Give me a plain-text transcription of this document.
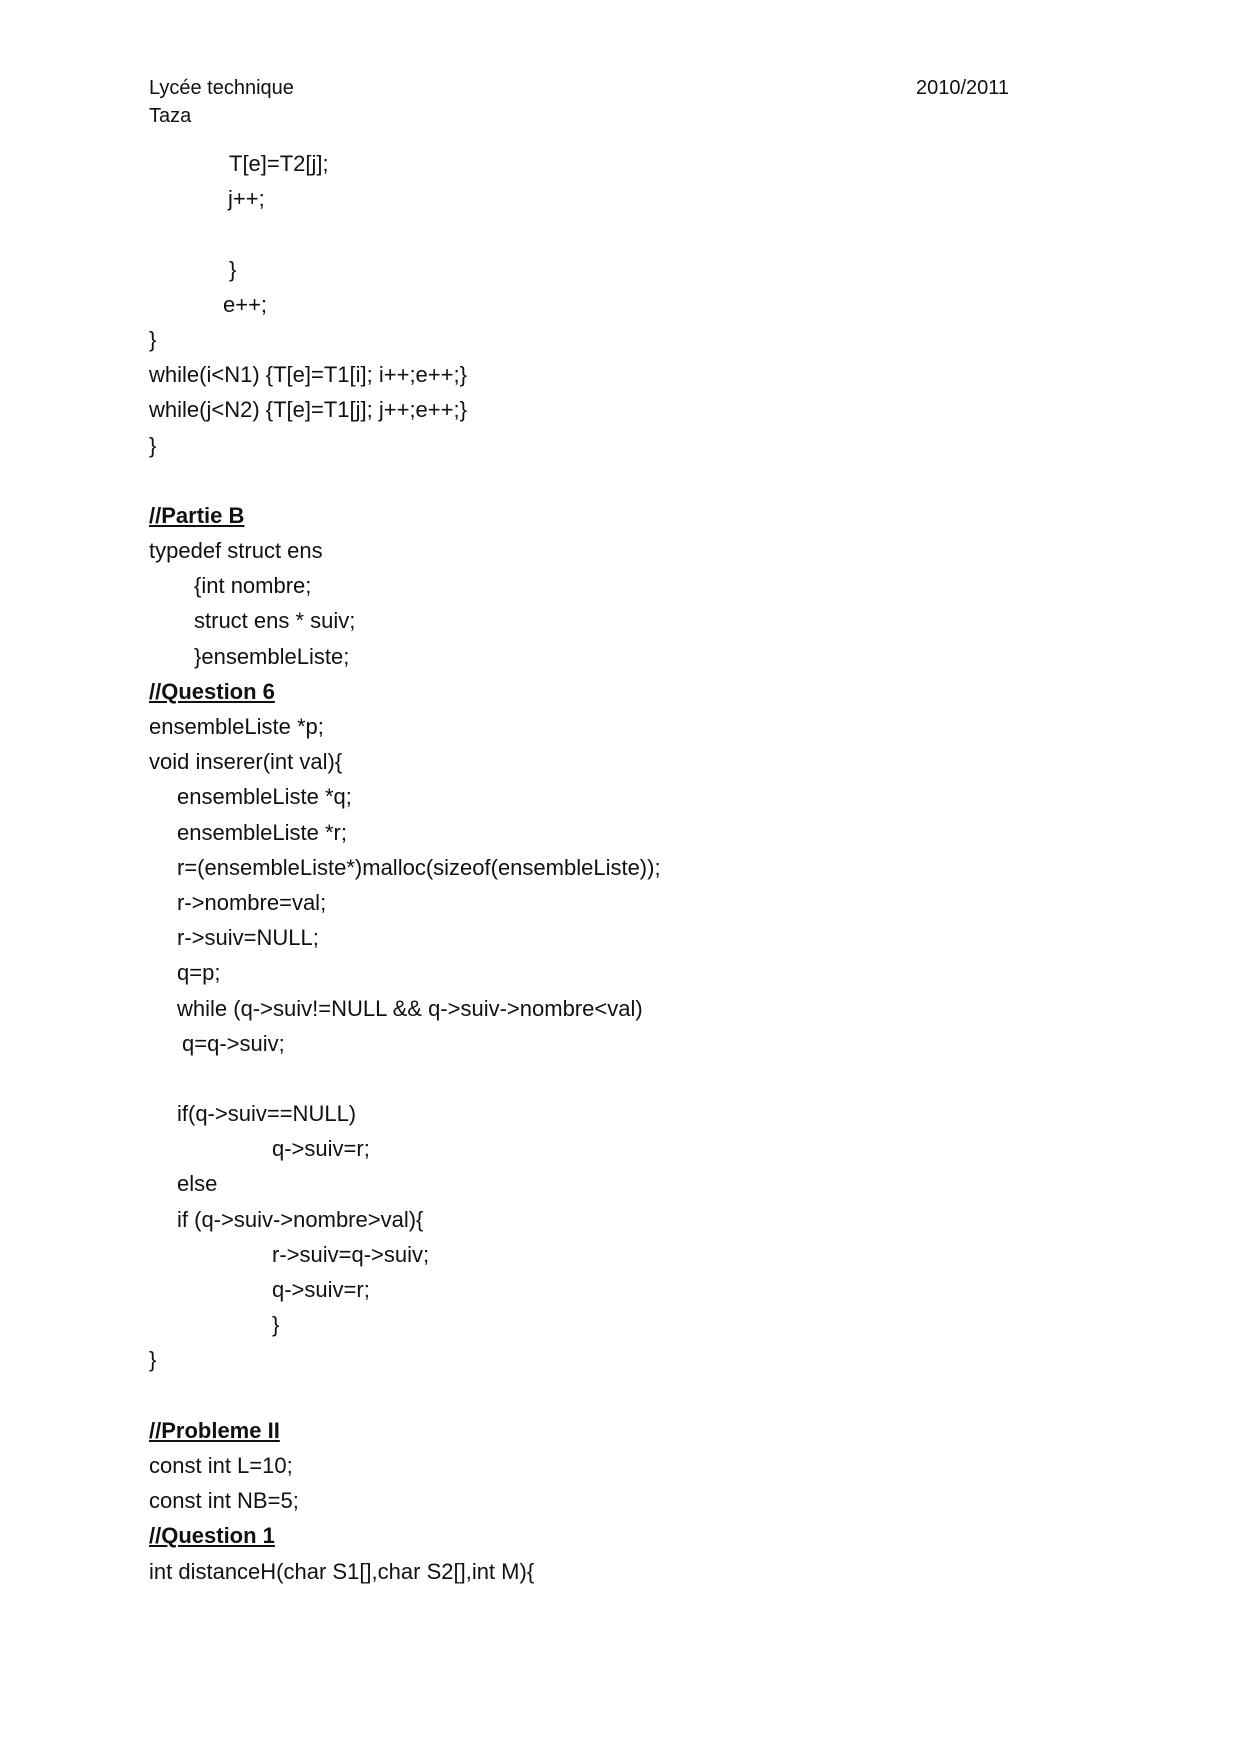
Lycée technique
Taza
2010/2011
T[e]=T2[j];
j++;
}
e++;
}
while(i<N1) {T[e]=T1[i]; i++;e++;}
while(j<N2) {T[e]=T1[j]; j++;e++;}
}
//Partie B
typedef struct ens
{int nombre;
struct ens * suiv;
}ensembleListe;
//Question 6
ensembleListe *p;
void inserer(int val){
ensembleListe *q;
ensembleListe *r;
r=(ensembleListe*)malloc(sizeof(ensembleListe));
r->nombre=val;
r->suiv=NULL;
q=p;
while (q->suiv!=NULL && q->suiv->nombre<val)
q=q->suiv;
if(q->suiv==NULL)
q->suiv=r;
else
if (q->suiv->nombre>val){
r->suiv=q->suiv;
q->suiv=r;
}
}
//Probleme II
const int L=10;
const int NB=5;
//Question 1
int distanceH(char S1[],char S2[],int M){
